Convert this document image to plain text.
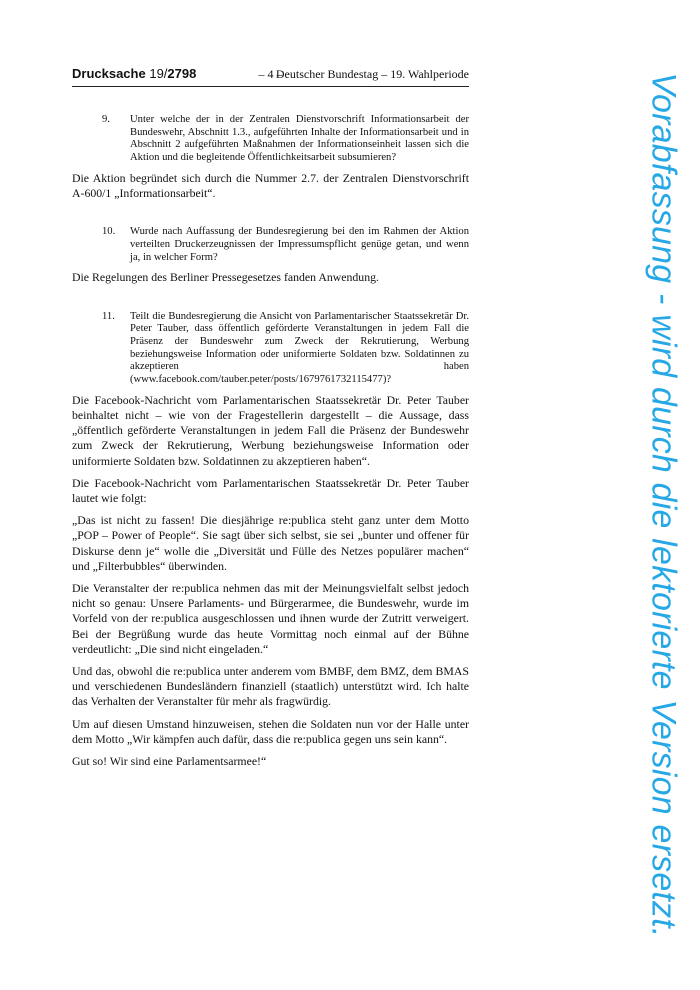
Drucksache 19/2798	– 4 –
Deutscher Bundestag – 19. Wahlperiode
9. Unter welche der in der Zentralen Dienstvorschrift Informationsarbeit der Bundeswehr, Abschnitt 1.3., aufgeführten Inhalte der Informationsarbeit und in Abschnitt 2 aufgeführten Maßnahmen der Informationseinheit lassen sich die Aktion und die begleitende Öffentlichkeitsarbeit subsumieren?
Die Aktion begründet sich durch die Nummer 2.7. der Zentralen Dienstvorschrift A-600/1 „Informationsarbeit“.
10. Wurde nach Auffassung der Bundesregierung bei den im Rahmen der Aktion verteilten Druckerzeugnissen der Impressumspflicht genüge getan, und wenn ja, in welcher Form?
Die Regelungen des Berliner Pressegesetzes fanden Anwendung.
11. Teilt die Bundesregierung die Ansicht von Parlamentarischer Staatssekretär Dr. Peter Tauber, dass öffentlich geförderte Veranstaltungen in jedem Fall die Präsenz der Bundeswehr zum Zweck der Rekrutierung, Werbung beziehungsweise Information oder uniformierte Soldaten bzw. Soldatinnen zu akzeptieren haben (www.facebook.com/tauber.peter/posts/1679761732115477)?
Die Facebook-Nachricht vom Parlamentarischen Staatssekretär Dr. Peter Tauber beinhaltet nicht – wie von der Fragestellerin dargestellt – die Aussage, dass „öffentlich geförderte Veranstaltungen in jedem Fall die Präsenz der Bundeswehr zum Zweck der Rekrutierung, Werbung beziehungsweise Information oder uniformierte Soldaten bzw. Soldatinnen zu akzeptieren haben“.
Die Facebook-Nachricht vom Parlamentarischen Staatssekretär Dr. Peter Tauber lautet wie folgt:
„Das ist nicht zu fassen! Die diesjährige re:publica steht ganz unter dem Motto „POP – Power of People“. Sie sagt über sich selbst, sie sei „bunter und offener für Diskurse denn je“ wolle die „Diversität und Fülle des Netzes populärer machen“ und „Filterbubbles“ überwinden.
Die Veranstalter der re:publica nehmen das mit der Meinungsvielfalt selbst jedoch nicht so genau: Unsere Parlaments- und Bürgerarmee, die Bundeswehr, wurde im Vorfeld von der re:publica ausgeschlossen und ihnen wurde der Zutritt verweigert. Bei der Begrüßung wurde das heute Vormittag noch einmal auf der Bühne verdeutlicht: „Die sind nicht eingeladen.“
Und das, obwohl die re:publica unter anderem vom BMBF, dem BMZ, dem BMAS und verschiedenen Bundesländern finanziell (staatlich) unterstützt wird. Ich halte das Verhalten der Veranstalter für mehr als fragwürdig.
Um auf diesen Umstand hinzuweisen, stehen die Soldaten nun vor der Halle unter dem Motto „Wir kämpfen auch dafür, dass die re:publica gegen uns sein kann“.
Gut so! Wir sind eine Parlamentsarmee!“	Vorabfassung - wird durch die lektorierte Version ersetzt.
